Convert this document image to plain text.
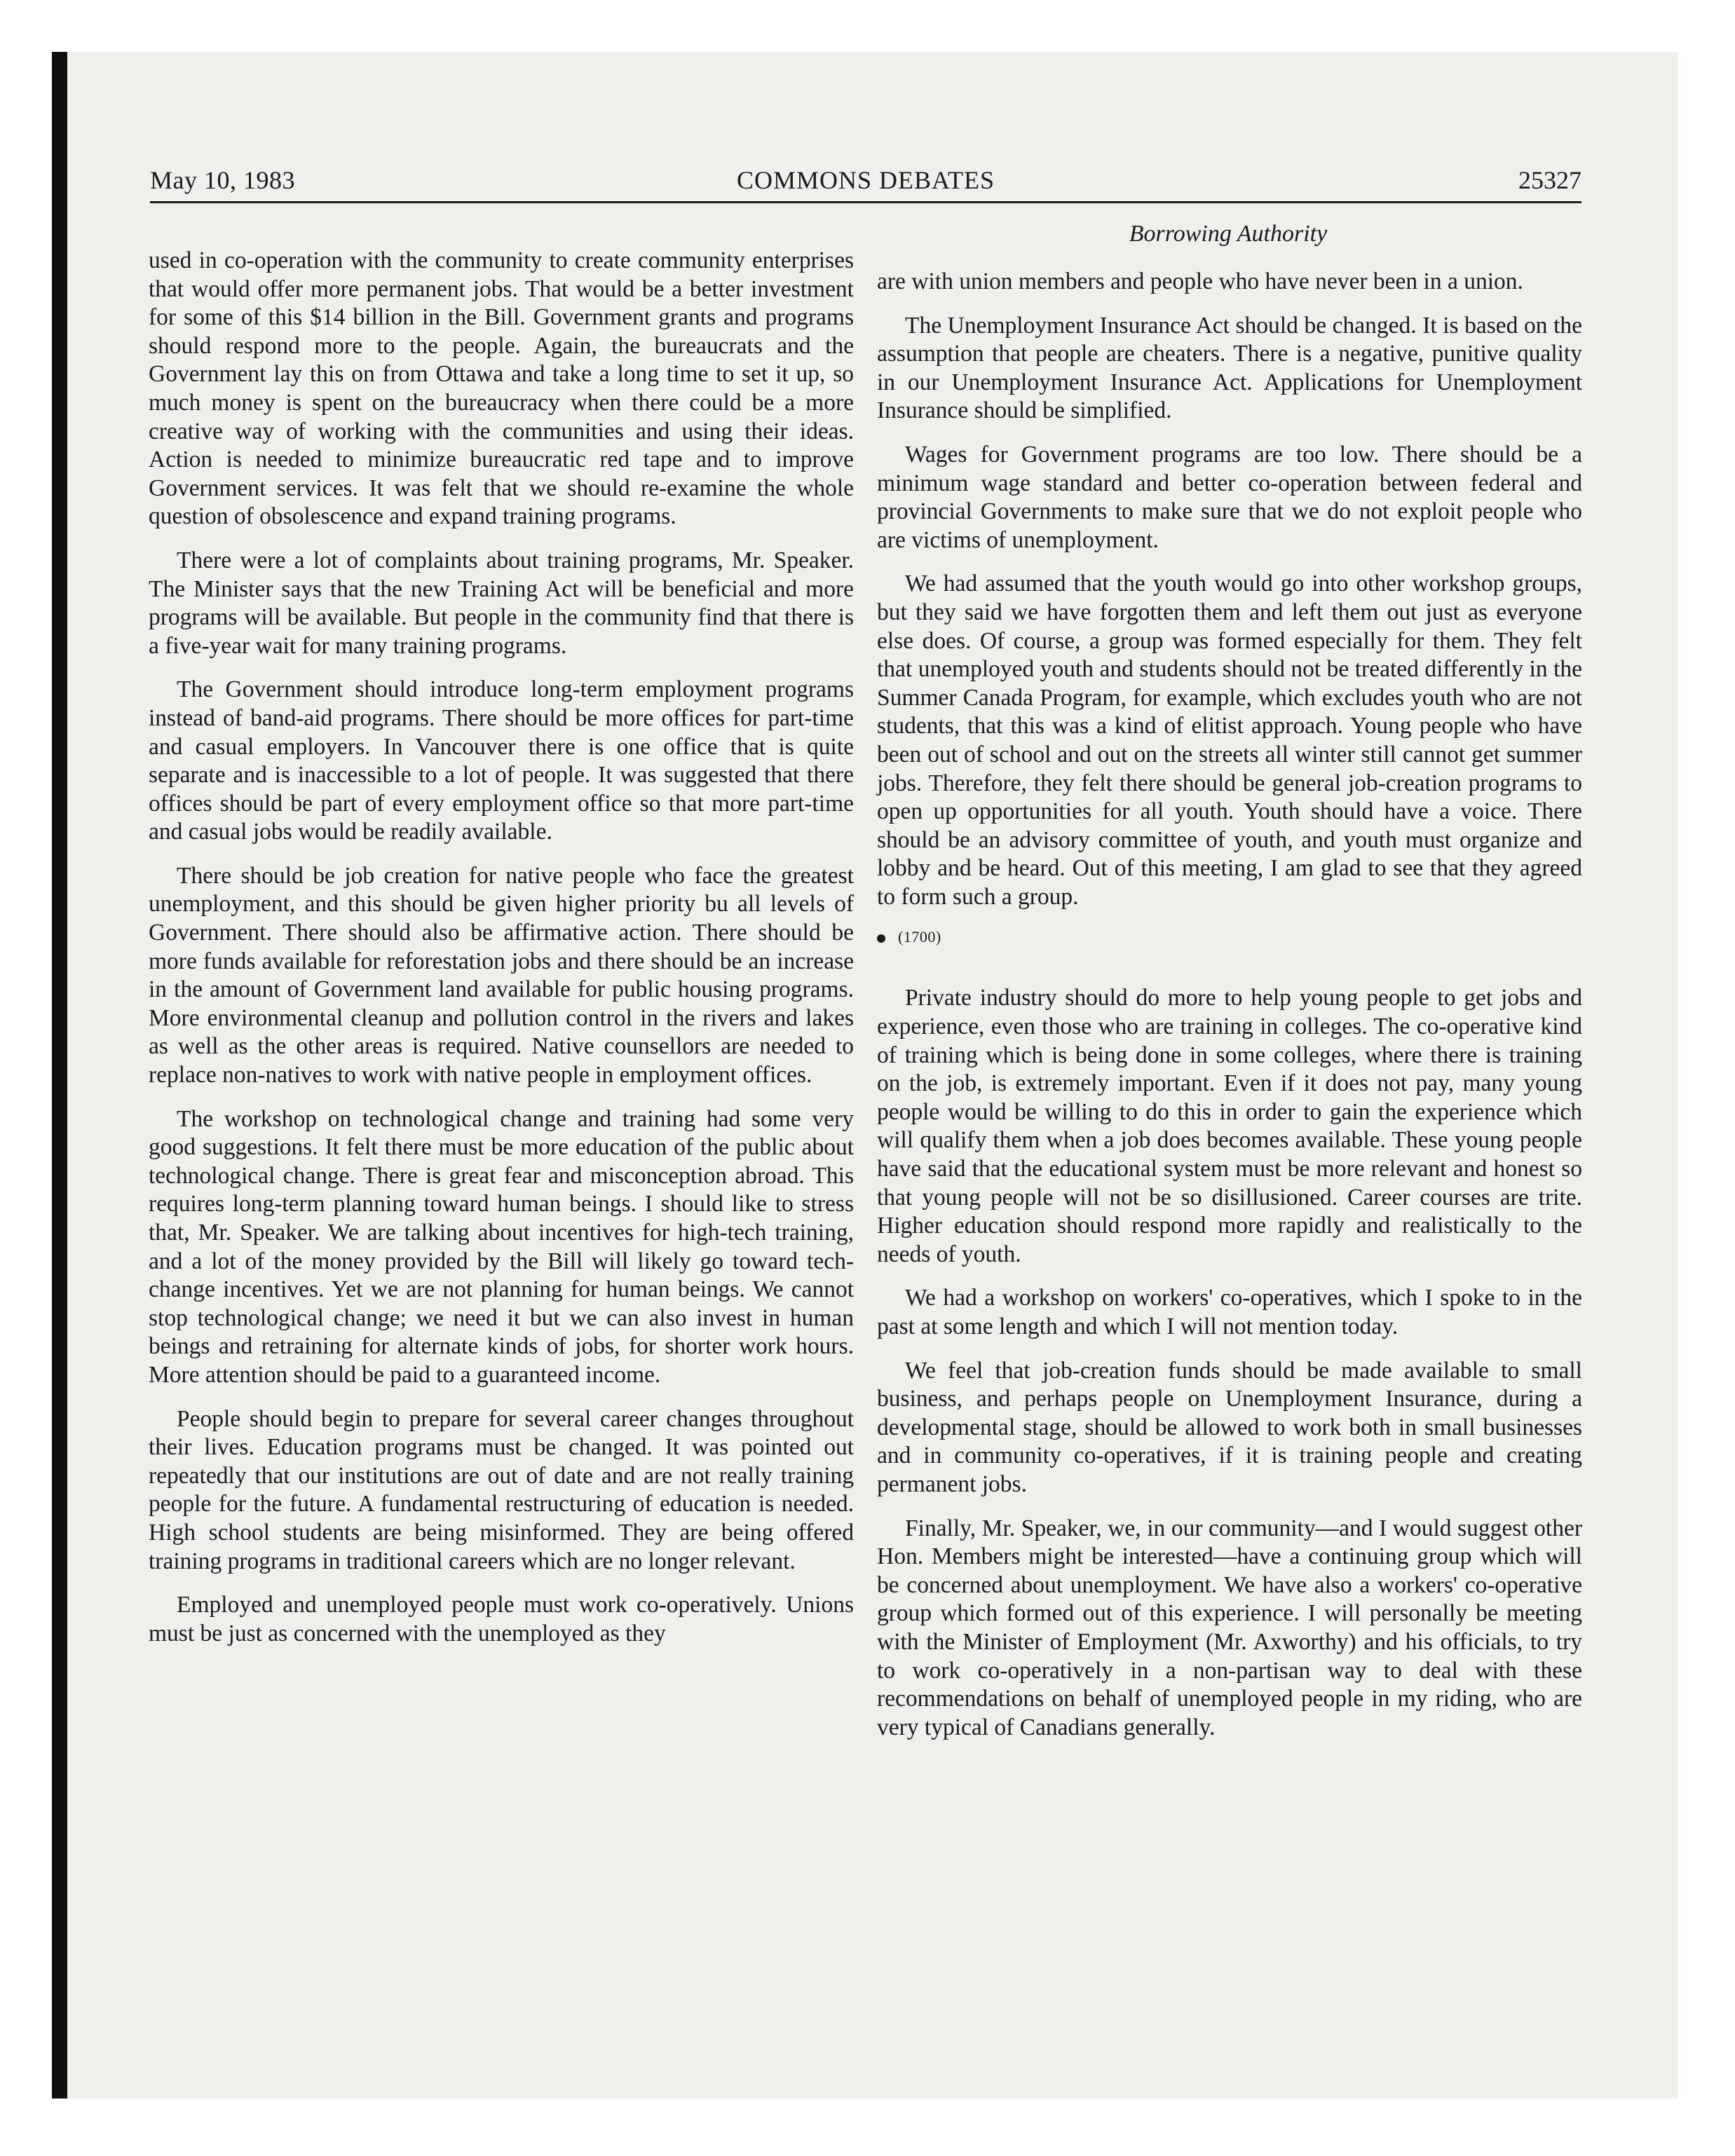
May 10, 1983	COMMONS DEBATES	25327
Borrowing Authority

used in co-operation with the community to create community enterprises that would offer more permanent jobs. That would be a better investment for some of this $14 billion in the Bill. Government grants and programs should respond more to the people. Again, the bureaucrats and the Government lay this on from Ottawa and take a long time to set it up, so much money is spent on the bureaucracy when there could be a more creative way of working with the communities and using their ideas. Action is needed to minimize bureaucratic red tape and to improve Government services. It was felt that we should re-examine the whole question of obsolescence and expand training programs.

There were a lot of complaints about training programs, Mr. Speaker. The Minister says that the new Training Act will be beneficial and more programs will be available. But people in the community find that there is a five-year wait for many training programs.

The Government should introduce long-term employment programs instead of band-aid programs. There should be more offices for part-time and casual employers. In Vancouver there is one office that is quite separate and is inaccessible to a lot of people. It was suggested that there offices should be part of every employment office so that more part-time and casual jobs would be readily available.

There should be job creation for native people who face the greatest unemployment, and this should be given higher priority bu all levels of Government. There should also be affirmative action. There should be more funds available for reforestation jobs and there should be an increase in the amount of Government land available for public housing programs. More environmental cleanup and pollution control in the rivers and lakes as well as the other areas is required. Native counsellors are needed to replace non-natives to work with native people in employment offices.

The workshop on technological change and training had some very good suggestions. It felt there must be more education of the public about technological change. There is great fear and misconception abroad. This requires long-term planning toward human beings. I should like to stress that, Mr. Speaker. We are talking about incentives for high-tech training, and a lot of the money provided by the Bill will likely go toward tech-change incentives. Yet we are not planning for human beings. We cannot stop technological change; we need it but we can also invest in human beings and retraining for alternate kinds of jobs, for shorter work hours. More attention should be paid to a guaranteed income.

People should begin to prepare for several career changes throughout their lives. Education programs must be changed. It was pointed out repeatedly that our institutions are out of date and are not really training people for the future. A fundamental restructuring of education is needed. High school students are being misinformed. They are being offered training programs in traditional careers which are no longer relevant.

Employed and unemployed people must work co-operatively. Unions must be just as concerned with the unemployed as they

are with union members and people who have never been in a union.

The Unemployment Insurance Act should be changed. It is based on the assumption that people are cheaters. There is a negative, punitive quality in our Unemployment Insurance Act. Applications for Unemployment Insurance should be simplified.

Wages for Government programs are too low. There should be a minimum wage standard and better co-operation between federal and provincial Governments to make sure that we do not exploit people who are victims of unemployment.

We had assumed that the youth would go into other workshop groups, but they said we have forgotten them and left them out just as everyone else does. Of course, a group was formed especially for them. They felt that unemployed youth and students should not be treated differently in the Summer Canada Program, for example, which excludes youth who are not students, that this was a kind of elitist approach. Young people who have been out of school and out on the streets all winter still cannot get summer jobs. Therefore, they felt there should be general job-creation programs to open up opportunities for all youth. Youth should have a voice. There should be an advisory committee of youth, and youth must organize and lobby and be heard. Out of this meeting, I am glad to see that they agreed to form such a group.

(1700)

Private industry should do more to help young people to get jobs and experience, even those who are training in colleges. The co-operative kind of training which is being done in some colleges, where there is training on the job, is extremely important. Even if it does not pay, many young people would be willing to do this in order to gain the experience which will qualify them when a job does becomes available. These young people have said that the educational system must be more relevant and honest so that young people will not be so disillusioned. Career courses are trite. Higher education should respond more rapidly and realistically to the needs of youth.

We had a workshop on workers' co-operatives, which I spoke to in the past at some length and which I will not mention today.

We feel that job-creation funds should be made available to small business, and perhaps people on Unemployment Insurance, during a developmental stage, should be allowed to work both in small businesses and in community co-operatives, if it is training people and creating permanent jobs.

Finally, Mr. Speaker, we, in our community—and I would suggest other Hon. Members might be interested—have a continuing group which will be concerned about unemployment. We have also a workers' co-operative group which formed out of this experience. I will personally be meeting with the Minister of Employment (Mr. Axworthy) and his officials, to try to work co-operatively in a non-partisan way to deal with these recommendations on behalf of unemployed people in my riding, who are very typical of Canadians generally.
